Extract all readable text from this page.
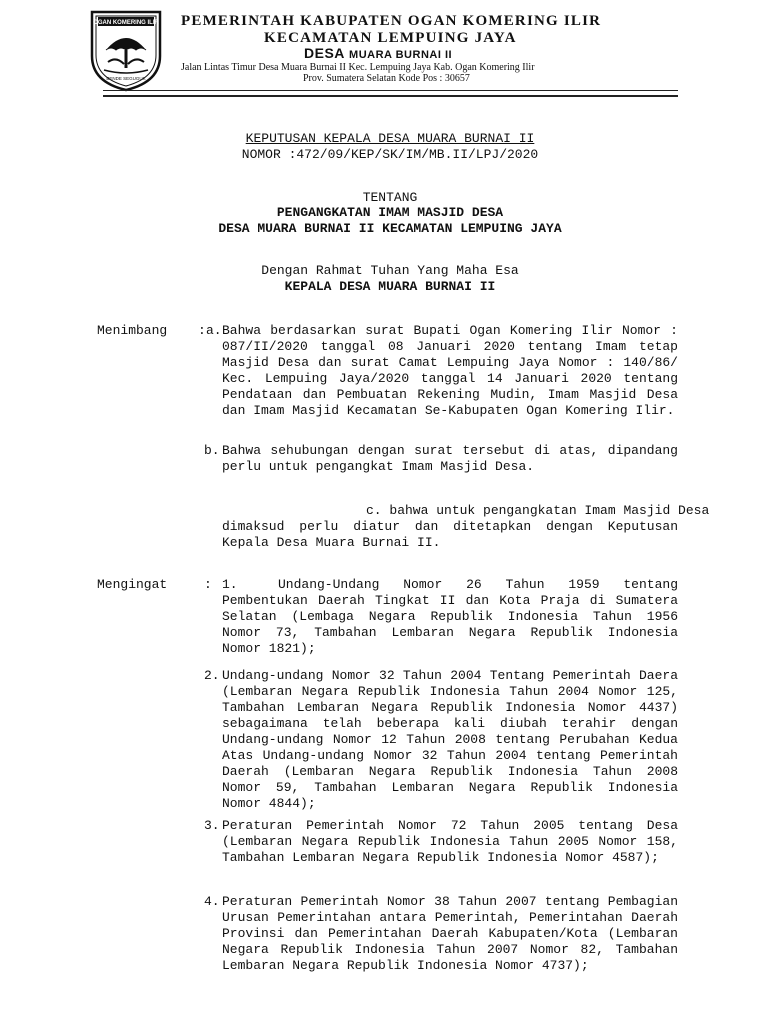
OGAN KOMERING ILIR
BENDE SEGUGUK
PEMERINTAH KABUPATEN OGAN KOMERING ILIR
KECAMATAN LEMPUING JAYA
DESA MUARA BURNAI II
Jalan Lintas Timur Desa Muara Burnai II Kec. Lempuing Jaya Kab. Ogan Komering Ilir
Prov. Sumatera Selatan Kode Pos : 30657
KEPUTUSAN KEPALA DESA MUARA BURNAI II
NOMOR :472/09/KEP/SK/IM/MB.II/LPJ/2020
TENTANG
PENGANGKATAN IMAM MASJID DESA
DESA MUARA BURNAI II KECAMATAN LEMPUING JAYA
Dengan Rahmat Tuhan Yang Maha Esa
KEPALA DESA MUARA BURNAI II
Menimbang : a. Bahwa berdasarkan surat Bupati Ogan Komering Ilir Nomor : 087/II/2020 tanggal 08 Januari 2020 tentang Imam tetap Masjid Desa dan surat Camat Lempuing Jaya Nomor : 140/86/ Kec. Lempuing Jaya/2020 tanggal 14 Januari 2020 tentang Pendataan dan Pembuatan Rekening Mudin, Imam Masjid Desa dan Imam Masjid Kecamatan Se-Kabupaten Ogan Komering Ilir.
b. Bahwa sehubungan dengan surat tersebut di atas, dipandang perlu untuk pengangkat Imam Masjid Desa.
c. bahwa untuk pengangkatan Imam Masjid Desa
dimaksud perlu diatur dan ditetapkan dengan Keputusan Kepala Desa Muara Burnai II.
Mengingat	: 1.	Undang-Undang Nomor 26 Tahun 1959 tentang Pembentukan Daerah Tingkat II dan Kota Praja di Sumatera Selatan (Lembaga Negara Republik Indonesia Tahun 1956 Nomor 73, Tambahan Lembaran Negara Republik Indonesia Nomor 1821);
2. Undang-undang Nomor 32 Tahun 2004 Tentang Pemerintah Daera (Lembaran Negara Republik Indonesia Tahun 2004 Nomor 125, Tambahan Lembaran Negara Republik Indonesia Nomor 4437) sebagaimana telah beberapa kali diubah terahir dengan Undang-undang Nomor 12 Tahun 2008 tentang Perubahan Kedua Atas Undang-undang Nomor 32 Tahun 2004 tentang Pemerintah Daerah (Lembaran Negara Republik Indonesia Tahun 2008 Nomor 59, Tambahan Lembaran Negara Republik Indonesia Nomor 4844);
3. Peraturan Pemerintah Nomor 72 Tahun 2005 tentang Desa (Lembaran Negara Republik Indonesia Tahun 2005 Nomor 158, Tambahan Lembaran Negara Republik Indonesia Nomor 4587);
4. Peraturan Pemerintah Nomor 38 Tahun 2007 tentang Pembagian Urusan Pemerintahan antara Pemerintah, Pemerintahan Daerah Provinsi dan Pemerintahan Daerah Kabupaten/Kota (Lembaran Negara Republik Indonesia Tahun 2007 Nomor 82, Tambahan Lembaran Negara Republik Indonesia Nomor 4737);
